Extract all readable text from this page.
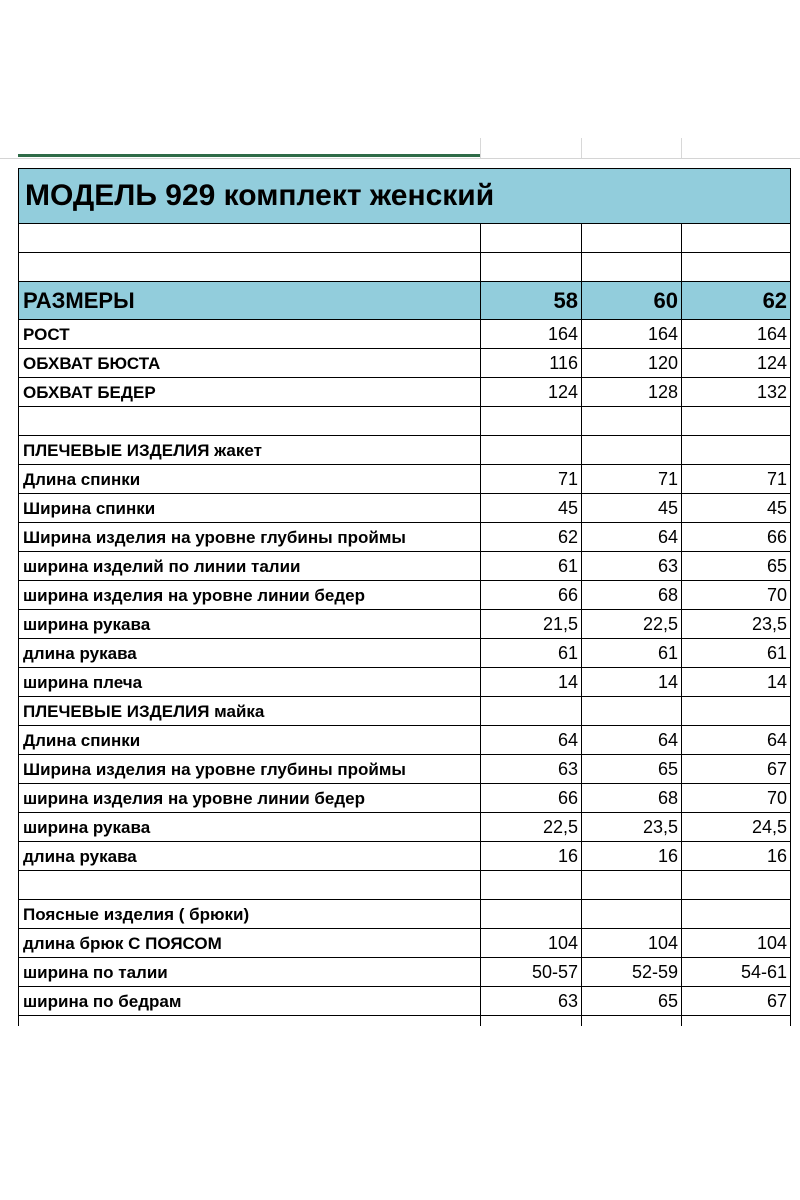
МОДЕЛЬ 929 комплект женский			

РАЗМЕРЫ	58	60	62
РОСТ	164	164	164
ОБХВАТ БЮСТА	116	120	124
ОБХВАТ БЕДЕР	124	128	132

ПЛЕЧЕВЫЕ ИЗДЕЛИЯ жакет			
Длина спинки	71	71	71
Ширина спинки	45	45	45
Ширина изделия на уровне глубины проймы	62	64	66
ширина изделий по линии талии	61	63	65
ширина изделия на уровне линии бедер	66	68	70
ширина рукава	21,5	22,5	23,5
длина рукава	61	61	61
ширина плеча	14	14	14
ПЛЕЧЕВЫЕ ИЗДЕЛИЯ майка			
Длина спинки	64	64	64
Ширина изделия на уровне глубины проймы	63	65	67
ширина изделия на уровне линии бедер	66	68	70
ширина рукава	22,5	23,5	24,5
длина рукава	16	16	16

Поясные изделия ( брюки)			
длина брюк С ПОЯСОМ	104	104	104
ширина по талии	50-57	52-59	54-61
ширина по бедрам	63	65	67
